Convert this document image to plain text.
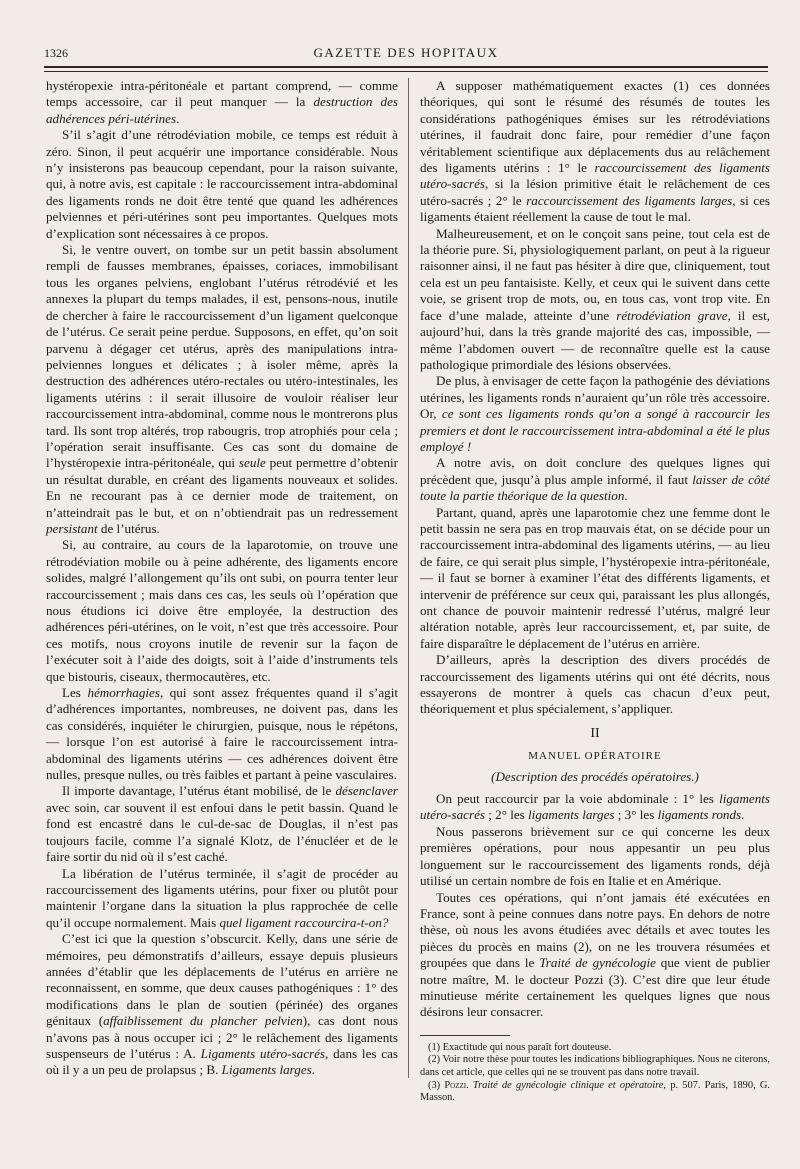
1326	GAZETTE DES HOPITAUX

hystéropexie intra-péritonéale et partant comprend, — comme temps accessoire, car il peut manquer — la destruction des adhérences péri-utérines.

S’il s’agit d’une rétrodéviation mobile, ce temps est réduit à zéro. Sinon, il peut acquérir une importance considérable. Nous n’y insisterons pas beaucoup cependant, pour la raison suivante, qui, à notre avis, est capitale : le raccourcissement intra-abdominal des ligaments ronds ne doit être tenté que quand les adhérences pelviennes et péri-utérines sont peu importantes. Quelques mots d’explication sont nécessaires à ce propos.

Si, le ventre ouvert, on tombe sur un petit bassin absolument rempli de fausses membranes, épaisses, coriaces, immobilisant tous les organes pelviens, englobant l’utérus rétrodévié et les annexes la plupart du temps malades, il est, pensons-nous, inutile de chercher à faire le raccourcissement d’un ligament quelconque de l’utérus. Ce serait peine perdue. Supposons, en effet, qu’on soit parvenu à dégager cet utérus, après des manipulations intra-pelviennes longues et délicates ; à isoler même, après la destruction des adhérences utéro-rectales ou utéro-intestinales, les ligaments utérins : il serait illusoire de vouloir réaliser leur raccourcissement intra-abdominal, comme nous le montrerons plus tard. Ils sont trop altérés, trop rabougris, trop atrophiés pour cela ; l’opération serait insuffisante. Ces cas sont du domaine de l’hystéropexie intra-péritonéale, qui seule peut permettre d’obtenir un résultat durable, en créant des ligaments nouveaux et solides. En ne recourant pas à ce dernier mode de traitement, on n’atteindrait pas le but, et on n’obtiendrait pas un redressement persistant de l’utérus.

Si, au contraire, au cours de la laparotomie, on trouve une rétrodéviation mobile ou à peine adhérente, des ligaments encore solides, malgré l’allongement qu’ils ont subi, on pourra tenter leur raccourcissement ; mais dans ces cas, les seuls où l’opération que nous étudions ici doive être employée, la destruction des adhérences péri-utérines, on le voit, n’est que très accessoire. Pour ces motifs, nous croyons inutile de revenir sur la façon de l’exécuter soit à l’aide des doigts, soit à l’aide d’instruments tels que bistouris, ciseaux, thermocautères, etc.

Les hémorrhagies, qui sont assez fréquentes quand il s’agit d’adhérences importantes, nombreuses, ne doivent pas, dans les cas considérés, inquiéter le chirurgien, puisque, nous le répétons, — lorsque l’on est autorisé à faire le raccourcissement intra-abdominal des ligaments utérins — ces adhérences doivent être nulles, presque nulles, ou très faibles et partant à peine vasculaires.

Il importe davantage, l’utérus étant mobilisé, de le désenclaver avec soin, car souvent il est enfoui dans le petit bassin. Quand le fond est encastré dans le cul-de-sac de Douglas, il n’est pas toujours facile, comme l’a signalé Klotz, de l’énucléer et de le faire sortir du nid où il s’est caché.

La libération de l’utérus terminée, il s’agit de procéder au raccourcissement des ligaments utérins, pour fixer ou plutôt pour maintenir l’organe dans la situation la plus rapprochée de celle qu’il occupe normalement. Mais quel ligament raccourcira-t-on?

C’est ici que la question s’obscurcit. Kelly, dans une série de mémoires, peu démonstratifs d’ailleurs, essaye depuis plusieurs années d’établir que les déplacements de l’utérus en arrière ne reconnaissent, en somme, que deux causes pathogéniques : 1° des modifications dans le plan de soutien (périnée) des organes génitaux (affaiblissement du plancher pelvien), cas dont nous n’avons pas à nous occuper ici ; 2° le relâchement des ligaments suspenseurs de l’utérus : A. Ligaments utéro-sacrés, dans les cas où il y a un peu de prolapsus ; B. Ligaments larges.

A supposer mathématiquement exactes (1) ces données théoriques, qui sont le résumé des résumés de toutes les considérations pathogéniques émises sur les rétrodéviations utérines, il faudrait donc faire, pour remédier d’une façon véritablement scientifique aux déplacements dus au relâchement des ligaments utérins : 1° le raccourcissement des ligaments utéro-sacrés, si la lésion primitive était le relâchement de ces utéro-sacrés ; 2° le raccourcissement des ligaments larges, si ces ligaments étaient réellement la cause de tout le mal.

Malheureusement, et on le conçoit sans peine, tout cela est de la théorie pure. Si, physiologiquement parlant, on peut à la rigueur raisonner ainsi, il ne faut pas hésiter à dire que, cliniquement, tout cela est un peu fantaisiste. Kelly, et ceux qui le suivent dans cette voie, se grisent trop de mots, ou, en tous cas, vont trop vite. En face d’une malade, atteinte d’une rétrodéviation grave, il est, aujourd’hui, dans la très grande majorité des cas, impossible, — même l’abdomen ouvert — de reconnaître quelle est la cause pathologique primordiale des lésions observées.

De plus, à envisager de cette façon la pathogénie des déviations utérines, les ligaments ronds n’auraient qu’un rôle très accessoire. Or, ce sont ces ligaments ronds qu’on a songé à raccourcir les premiers et dont le raccourcissement intra-abdominal a été le plus employé !

A notre avis, on doit conclure des quelques lignes qui précèdent que, jusqu’à plus ample informé, il faut laisser de côté toute la partie théorique de la question.

Partant, quand, après une laparotomie chez une femme dont le petit bassin ne sera pas en trop mauvais état, on se décide pour un raccourcissement intra-abdominal des ligaments utérins, — au lieu de faire, ce qui serait plus simple, l’hystéropexie intra-péritonéale, — il faut se borner à examiner l’état des différents ligaments, et intervenir de préférence sur ceux qui, paraissant les plus allongés, ont chance de pouvoir maintenir redressé l’utérus, malgré leur altération notable, après leur raccourcissement, et, par suite, de faire disparaître le déplacement de l’utérus en arrière.

D’ailleurs, après la description des divers procédés de raccourcissement des ligaments utérins qui ont été décrits, nous essayerons de montrer à quels cas chacun d’eux peut, théoriquement et plus spécialement, s’appliquer.

II

MANUEL OPÉRATOIRE

(Description des procédés opératoires.)

On peut raccourcir par la voie abdominale : 1° les ligaments utéro-sacrés ; 2° les ligaments larges ; 3° les ligaments ronds.

Nous passerons brièvement sur ce qui concerne les deux premières opérations, pour nous appesantir un peu plus longuement sur le raccourcissement des ligaments ronds, déjà utilisé un certain nombre de fois en Italie et en Amérique.

Toutes ces opérations, qui n’ont jamais été exécutées en France, sont à peine connues dans notre pays. En dehors de notre thèse, où nous les avons étudiées avec détails et avec toutes les pièces du procès en mains (2), on ne les trouvera résumées et groupées que dans le Traité de gynécologie que vient de publier notre maître, M. le docteur Pozzi (3). C’est dire que leur étude minutieuse mérite certainement les quelques lignes que nous désirons leur consacrer.

(1) Exactitude qui nous paraît fort douteuse.

(2) Voir notre thèse pour toutes les indications bibliographiques. Nous ne citerons, dans cet article, que celles qui ne se trouvent pas dans notre travail.

(3) Pozzi. Traité de gynécologie clinique et opératoire, p. 507. Paris, 1890, G. Masson.
